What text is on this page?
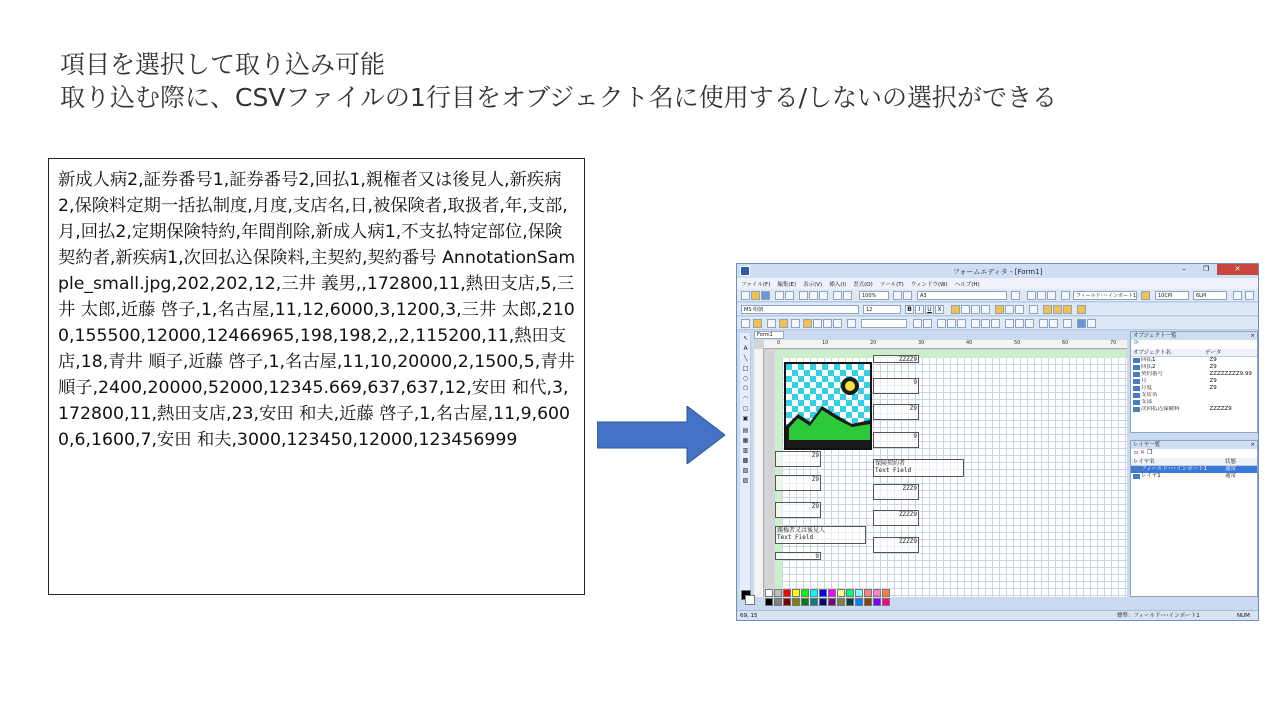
項目を選択して取り込み可能
取り込む際に、CSVファイルの1行目をオブジェクト名に使用する/しないの選択ができる
新成人病2,証券番号1,証券番号2,回払1,親権者又は後見人,新疾病2,保険料定期一括払制度,月度,支店名,日,被保険者,取扱者,年,支部,月,回払2,定期保険特約,年間削除,新成人病1,不支払特定部位,保険契約者,新疾病1,次回払込保険料,主契約,契約番号 AnnotationSample_small.jpg,202,202,12,三井 義男,,172800,11,熱田支店,5,三井 太郎,近藤 啓子,1,名古屋,11,12,6000,3,1200,3,三井 太郎,2100,155500,12000,12466965,198,198,2,,2,115200,11,熱田支店,18,青井 順子,近藤 啓子,1,名古屋,11,10,20000,2,1500,5,青井 順子,2400,20000,52000,12345.669,637,637,12,安田 和代,3,172800,11,熱田支店,23,安田 和夫,近藤 啓子,1,名古屋,11,9,6000,6,1600,7,安田 和夫,3000,123450,12000,123456999
フォームエディタ - [Form1]	–	❐	✕
ファイル(F) 編集(E) 表示(V) 挿入(I) 書式(O) ツール(T) ウィンドウ(W) ヘルプ(H)
100%	A3	フィールド･･･インポート1	10CPI	6LPI
MS 明朝	12	B	I	U X
↖
A
╲
□
○
⬠
◠
▢
▣
▤
▦
▥
▩
▧
▨
Form1
0	10	20	30	40	50	60	70
ZZZZ9
9
Z9
9
Z9
Z9
Z9
保険契約者
Text Field
ZZZ9
ZZZZ9
親権者又は後見人
Text Field
9
ZZZZ9
オブジェクト一覧	×
⟳
オブジェクト名	データ
回払1	Z9
回払2	Z9
契約番号	ZZZZZZZZ9.99
月	Z9
月度	Z9
支店名
支部
次回払込保険料	ZZZZZ9
レイヤ一覧	×
▫ ✕ ❐
レイヤ名	状態
フィールド･･･インポート1	通常
レイヤ1	通常
69, 15	標準：フィールド･･･インポート1	NUM
